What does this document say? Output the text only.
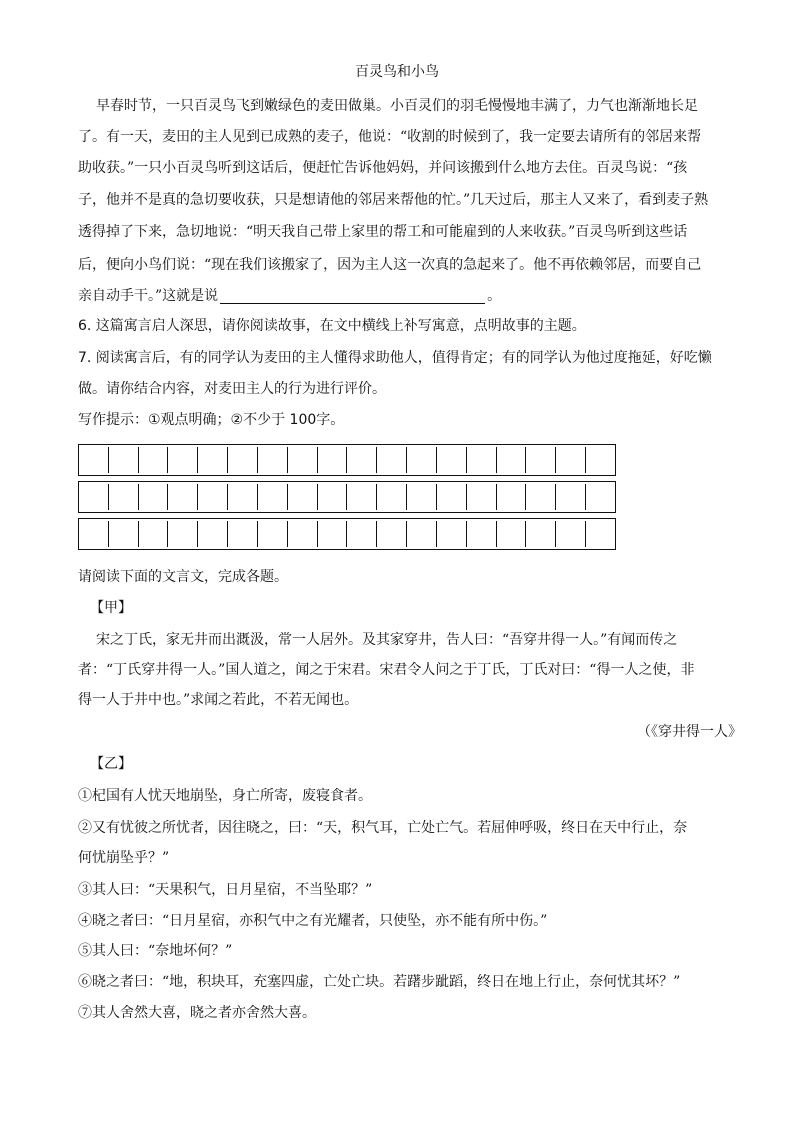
百灵鸟和小鸟
早春时节，一只百灵鸟飞到嫩绿色的麦田做巢。小百灵们的羽毛慢慢地丰满了，力气也渐渐地长足
了。有一天，麦田的主人见到已成熟的麦子，他说：“收割的时候到了，我一定要去请所有的邻居来帮
助收获。”一只小百灵鸟听到这话后，便赶忙告诉他妈妈，并问该搬到什么地方去住。百灵鸟说：“孩
子，他并不是真的急切要收获，只是想请他的邻居来帮他的忙。”几天过后，那主人又来了，看到麦子熟
透得掉了下来，急切地说：“明天我自己带上家里的帮工和可能雇到的人来收获。”百灵鸟听到这些话
后，便向小鸟们说：“现在我们该搬家了，因为主人这一次真的急起来了。他不再依赖邻居，而要自己
亲自动手干。”这就是说	。
6. 这篇寓言启人深思，请你阅读故事，在文中横线上补写寓意，点明故事的主题。
7. 阅读寓言后，有的同学认为麦田的主人懂得求助他人，值得肯定；有的同学认为他过度拖延，好吃懒
做。请你结合内容，对麦田主人的行为进行评价。
写作提示：①观点明确；②不少于 100字。
请阅读下面的文言文，完成各题。
【甲】
宋之丁氏，家无井而出溉汲，常一人居外。及其家穿井，告人曰：“吾穿井得一人。”有闻而传之
者：“丁氏穿井得一人。”国人道之，闻之于宋君。宋君令人问之于丁氏，丁氏对曰：“得一人之使，非
得一人于井中也。”求闻之若此，不若无闻也。
（《穿井得一人》
【乙】
①杞国有人忧天地崩坠，身亡所寄，废寝食者。
②又有忧彼之所忧者，因往晓之，曰：“天，积气耳，亡处亡气。若屈伸呼吸，终日在天中行止，奈
何忧崩坠乎？”
③其人曰：“天果积气，日月星宿，不当坠耶？”
④晓之者曰：“日月星宿，亦积气中之有光耀者，只使坠，亦不能有所中伤。”
⑤其人曰：“奈地坏何？”
⑥晓之者曰：“地，积块耳，充塞四虚，亡处亡块。若躇步跐蹈，终日在地上行止，奈何忧其坏？”
⑦其人舍然大喜，晓之者亦舍然大喜。
